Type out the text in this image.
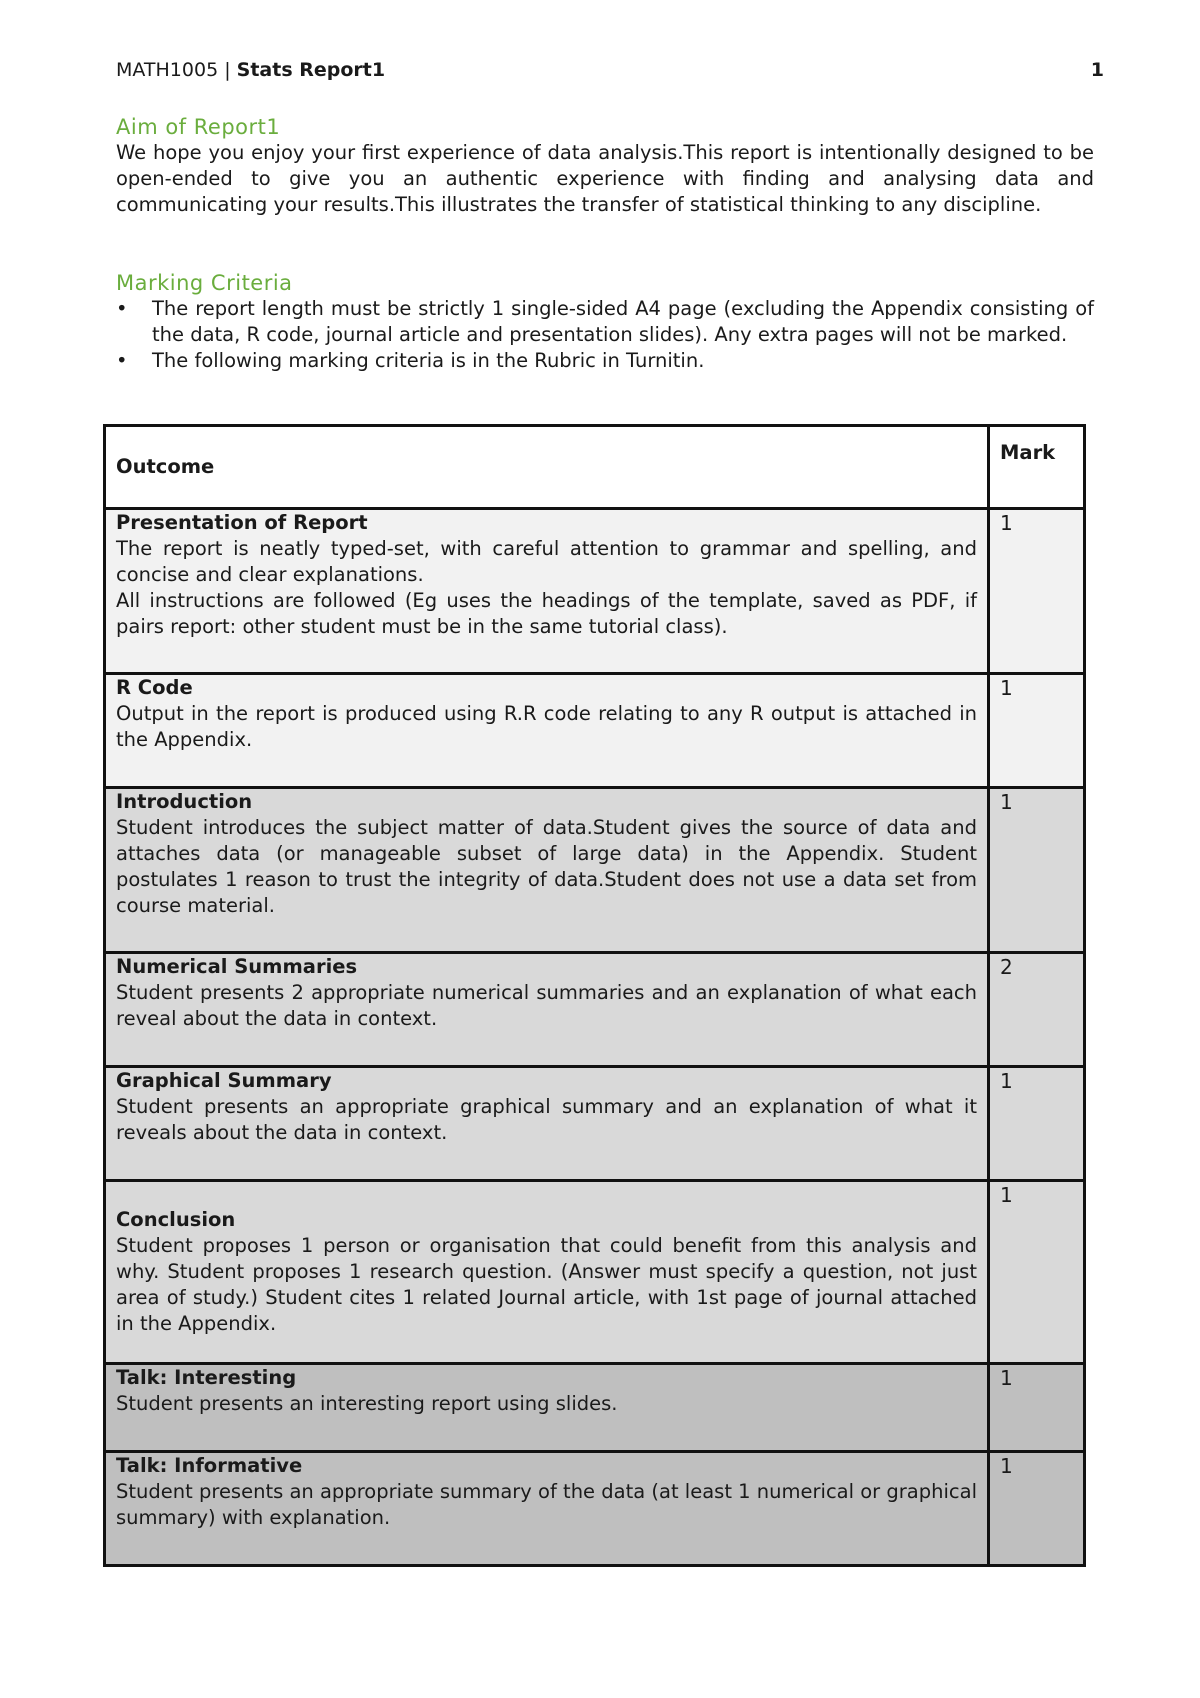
MATH1005 | Stats Report1	1
Aim of Report1
We hope you enjoy your first experience of data analysis.This report is intentionally designed to be open-ended to give you an authentic experience with finding and analysing data and communicating your results.This illustrates the transfer of statistical thinking to any discipline.
Marking Criteria
• The report length must be strictly 1 single-sided A4 page (excluding the Appendix consisting of the data, R code, journal article and presentation slides). Any extra pages will not be marked.
• The following marking criteria is in the Rubric in Turnitin.
Outcome	Mark

Presentation of Report
The report is neatly typed-set, with careful attention to grammar and spelling, and concise and clear explanations.
All instructions are followed (Eg uses the headings of the template, saved as PDF, if pairs report: other student must be in the same tutorial class).	1

R Code
Output in the report is produced using R.R code relating to any R output is attached in the Appendix.	1

Introduction
Student introduces the subject matter of data.Student gives the source of data and attaches data (or manageable subset of large data) in the Appendix. Student postulates 1 reason to trust the integrity of data.Student does not use a data set from course material.	1

Numerical Summaries
Student presents 2 appropriate numerical summaries and an explanation of what each reveal about the data in context.	2

Graphical Summary
Student presents an appropriate graphical summary and an explanation of what it reveals about the data in context.	1

Conclusion
Student proposes 1 person or organisation that could benefit from this analysis and why. Student proposes 1 research question. (Answer must specify a question, not just area of study.) Student cites 1 related Journal article, with 1st page of journal attached in the Appendix.	1

Talk: Interesting
Student presents an interesting report using slides.	1

Talk: Informative
Student presents an appropriate summary of the data (at least 1 numerical or graphical summary) with explanation.	1
